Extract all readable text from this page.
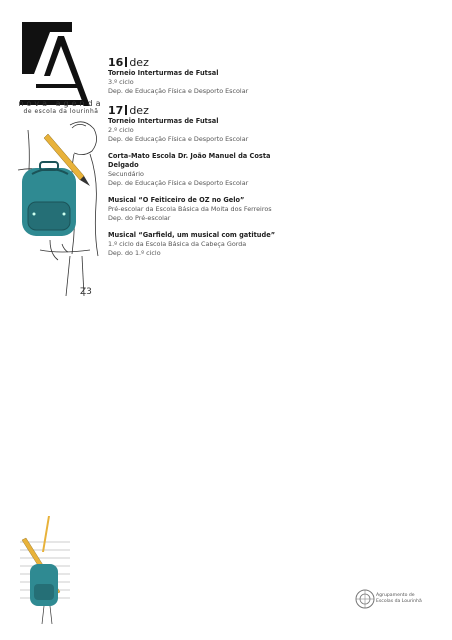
nova agenda
de escola da lourinhã
Z3

16 dez

Torneio Interturmas de Futsal
3.º ciclo
Dep. de Educação Física e Desporto Escolar

17 dez

Torneio Interturmas de Futsal
2.º ciclo
Dep. de Educação Física e Desporto Escolar
Corta-Mato Escola Dr. João Manuel da Costa Delgado
Secundário
Dep. de Educação Física e Desporto Escolar
Musical “O Feiticeiro de OZ no Gelo”
Pré-escolar da Escola Básica da Moita dos Ferreiros
Dep. do Pré-escolar
Musical “Garfield, um musical com gatitude”
1.º ciclo da Escola Básica da Cabeça Gorda
Dep. do 1.º ciclo
Agrupamento de Escolas da Lourinhã
